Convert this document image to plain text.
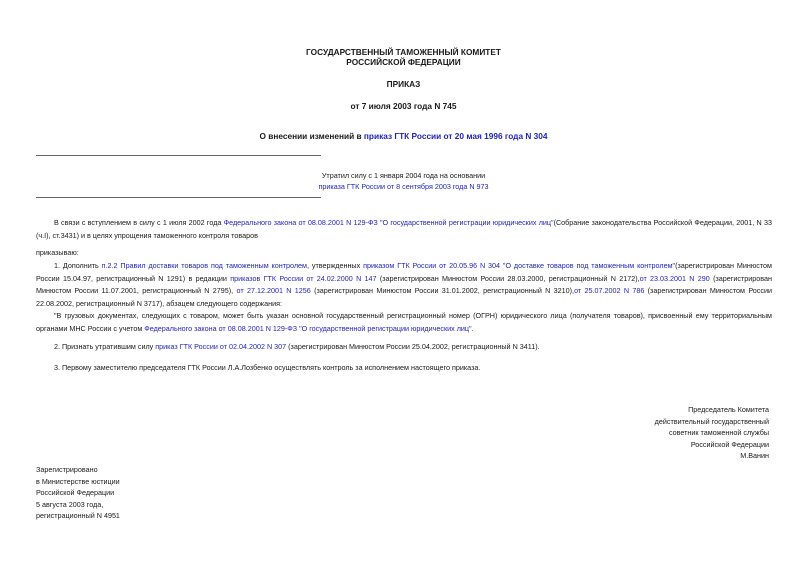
ГОСУДАРСТВЕННЫЙ ТАМОЖЕННЫЙ КОМИТЕТ
РОССИЙСКОЙ ФЕДЕРАЦИИ
ПРИКАЗ
от 7 июля 2003 года N 745
О внесении изменений в приказ ГТК России от 20 мая 1996 года N 304
Утратил силу с 1 января 2004 года на основании
приказа ГТК России от 8 сентября 2003 года N 973
В связи с вступлением в силу с 1 июля 2002 года Федерального закона от 08.08.2001 N 129-ФЗ "О государственной регистрации юридических лиц"(Собрание законодательства Российской Федерации, 2001, N 33 (ч.I), ст.3431) и в целях упрощения таможенного контроля товаров
приказываю:
1. Дополнить п.2.2 Правил доставки товаров под таможенным контролем, утвержденных приказом ГТК России от 20.05.96 N 304 "О доставке товаров под таможенным контролем"(зарегистрирован Минюстом России 15.04.97, регистрационный N 1291) в редакции приказов ГТК России от 24.02.2000 N 147 (зарегистрирован Минюстом России 28.03.2000, регистрационный N 2172),от 23.03.2001 N 290 (зарегистрирован Минюстом России 11.07.2001, регистрационный N 2795), от 27.12.2001 N 1256 (зарегистрирован Минюстом России 31.01.2002, регистрационный N 3210),от 25.07.2002 N 786 (зарегистрирован Минюстом России 22.08.2002, регистрационный N 3717), абзацем следующего содержания:
"В грузовых документах, следующих с товаром, может быть указан основной государственный регистрационный номер (ОГРН) юридического лица (получателя товаров), присвоенный ему территориальным органами МНС России с учетом Федерального закона от 08.08.2001 N 129-ФЗ "О государственной регистрации юридических лиц".
2. Признать утратившим силу приказ ГТК России от 02.04.2002 N 307 (зарегистрирован Минюстом России 25.04.2002, регистрационный N 3411).
3. Первому заместителю председателя ГТК России Л.А.Лозбенко осуществлять контроль за исполнением настоящего приказа.
Председатель Комитета
действительный государственный
советник таможенной службы
Российской Федерации
М.Ванин
Зарегистрировано
в Министерстве юстиции
Российской Федерации
5 августа 2003 года,
регистрационный N 4951
